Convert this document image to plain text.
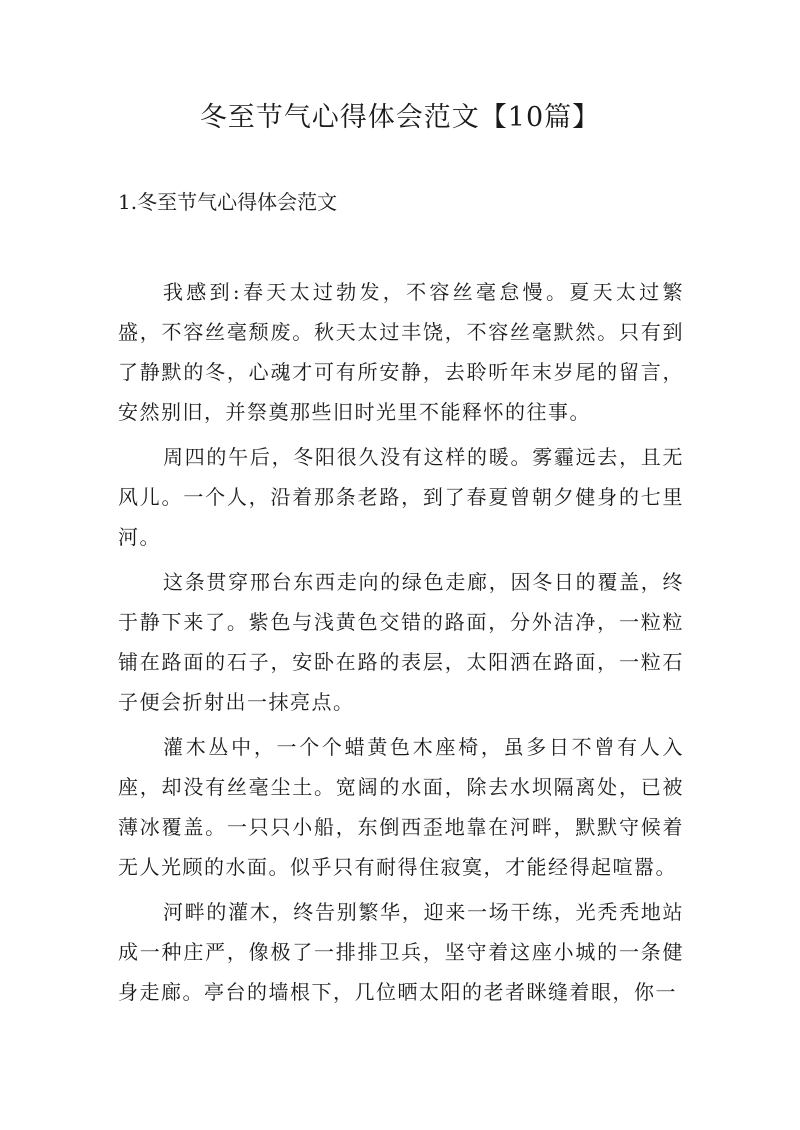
冬至节气心得体会范文【10篇】
1.冬至节气心得体会范文

我感到:春天太过勃发，不容丝毫怠慢。夏天太过繁盛，不容丝毫颓废。秋天太过丰饶，不容丝毫默然。只有到了静默的冬，心魂才可有所安静，去聆听年末岁尾的留言，安然别旧，并祭奠那些旧时光里不能释怀的往事。

周四的午后，冬阳很久没有这样的暖。雾霾远去，且无风儿。一个人，沿着那条老路，到了春夏曾朝夕健身的七里河。

这条贯穿邢台东西走向的绿色走廊，因冬日的覆盖，终于静下来了。紫色与浅黄色交错的路面，分外洁净，一粒粒铺在路面的石子，安卧在路的表层，太阳洒在路面，一粒石子便会折射出一抹亮点。

灌木丛中，一个个蜡黄色木座椅，虽多日不曾有人入座，却没有丝毫尘土。宽阔的水面，除去水坝隔离处，已被薄冰覆盖。一只只小船，东倒西歪地靠在河畔，默默守候着无人光顾的水面。似乎只有耐得住寂寞，才能经得起喧嚣。

河畔的灌木，终告别繁华，迎来一场干练，光秃秃地站成一种庄严，像极了一排排卫兵，坚守着这座小城的一条健身走廊。亭台的墙根下，几位晒太阳的老者眯缝着眼，你一
